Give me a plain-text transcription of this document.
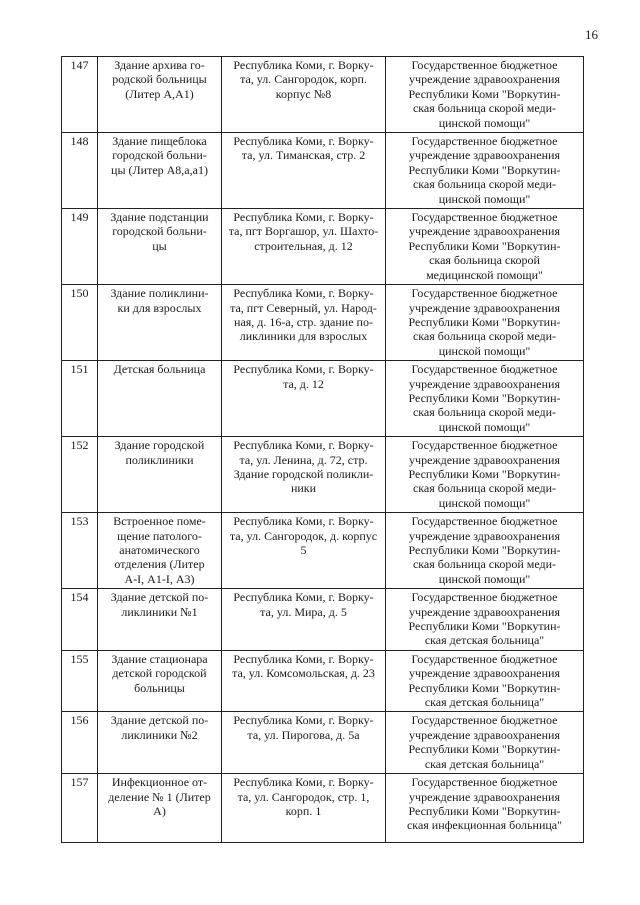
16
147	Здание архива го-
родской больницы
(Литер А,А1)	Республика Коми, г. Ворку-
та, ул. Сангородок, корп.
корпус №8	Государственное бюджетное
учреждение здравоохранения
Республики Коми "Воркутин-
ская больница скорой меди-
цинской помощи"

148	Здание пищеблока
городской больни-
цы (Литер А8,а,а1)	Республика Коми, г. Ворку-
та, ул. Тиманская, стр. 2	Государственное бюджетное
учреждение здравоохранения
Республики Коми "Воркутин-
ская больница скорой меди-
цинской помощи"

149	Здание подстанции
городской больни-
цы	Республика Коми, г. Ворку-
та, пгт Воргашор, ул. Шахто-
строительная, д. 12	Государственное бюджетное
учреждение здравоохранения
Республики Коми "Воркутин-
ская больница скорой
медицинской помощи"

150	Здание поликлини-
ки для взрослых	Республика Коми, г. Ворку-
та, пгт Северный, ул. Народ-
ная, д. 16-а, стр. здание по-
ликлиники для взрослых	Государственное бюджетное
учреждение здравоохранения
Республики Коми "Воркутин-
ская больница скорой меди-
цинской помощи"

151	Детская больница	Республика Коми, г. Ворку-
та, д. 12	Государственное бюджетное
учреждение здравоохранения
Республики Коми "Воркутин-
ская больница скорой меди-
цинской помощи"

152	Здание городской
поликлиники	Республика Коми, г. Ворку-
та, ул. Ленина, д. 72, стр.
Здание городской поликли-
ники	Государственное бюджетное
учреждение здравоохранения
Республики Коми "Воркутин-
ская больница скорой меди-
цинской помощи"

153	Встроенное поме-
щение патолого-
анатомического
отделения (Литер
А-I, А1-I, А3)	Республика Коми, г. Ворку-
та, ул. Сангородок, д. корпус
5	Государственное бюджетное
учреждение здравоохранения
Республики Коми "Воркутин-
ская больница скорой меди-
цинской помощи"

154	Здание детской по-
ликлиники №1	Республика Коми, г. Ворку-
та, ул. Мира, д. 5	Государственное бюджетное
учреждение здравоохранения
Республики Коми "Воркутин-
ская детская больница"

155	Здание стационара
детской городской
больницы	Республика Коми, г. Ворку-
та, ул. Комсомольская, д. 23	Государственное бюджетное
учреждение здравоохранения
Республики Коми "Воркутин-
ская детская больница"

156	Здание детской по-
ликлиники №2	Республика Коми, г. Ворку-
та, ул. Пирогова, д. 5а	Государственное бюджетное
учреждение здравоохранения
Республики Коми "Воркутин-
ская детская больница"

157	Инфекционное от-
деление № 1 (Литер
А)	Республика Коми, г. Ворку-
та, ул. Сангородок, стр. 1,
корп. 1	Государственное бюджетное
учреждение здравоохранения
Республики Коми "Воркутин-
ская инфекционная больница"
